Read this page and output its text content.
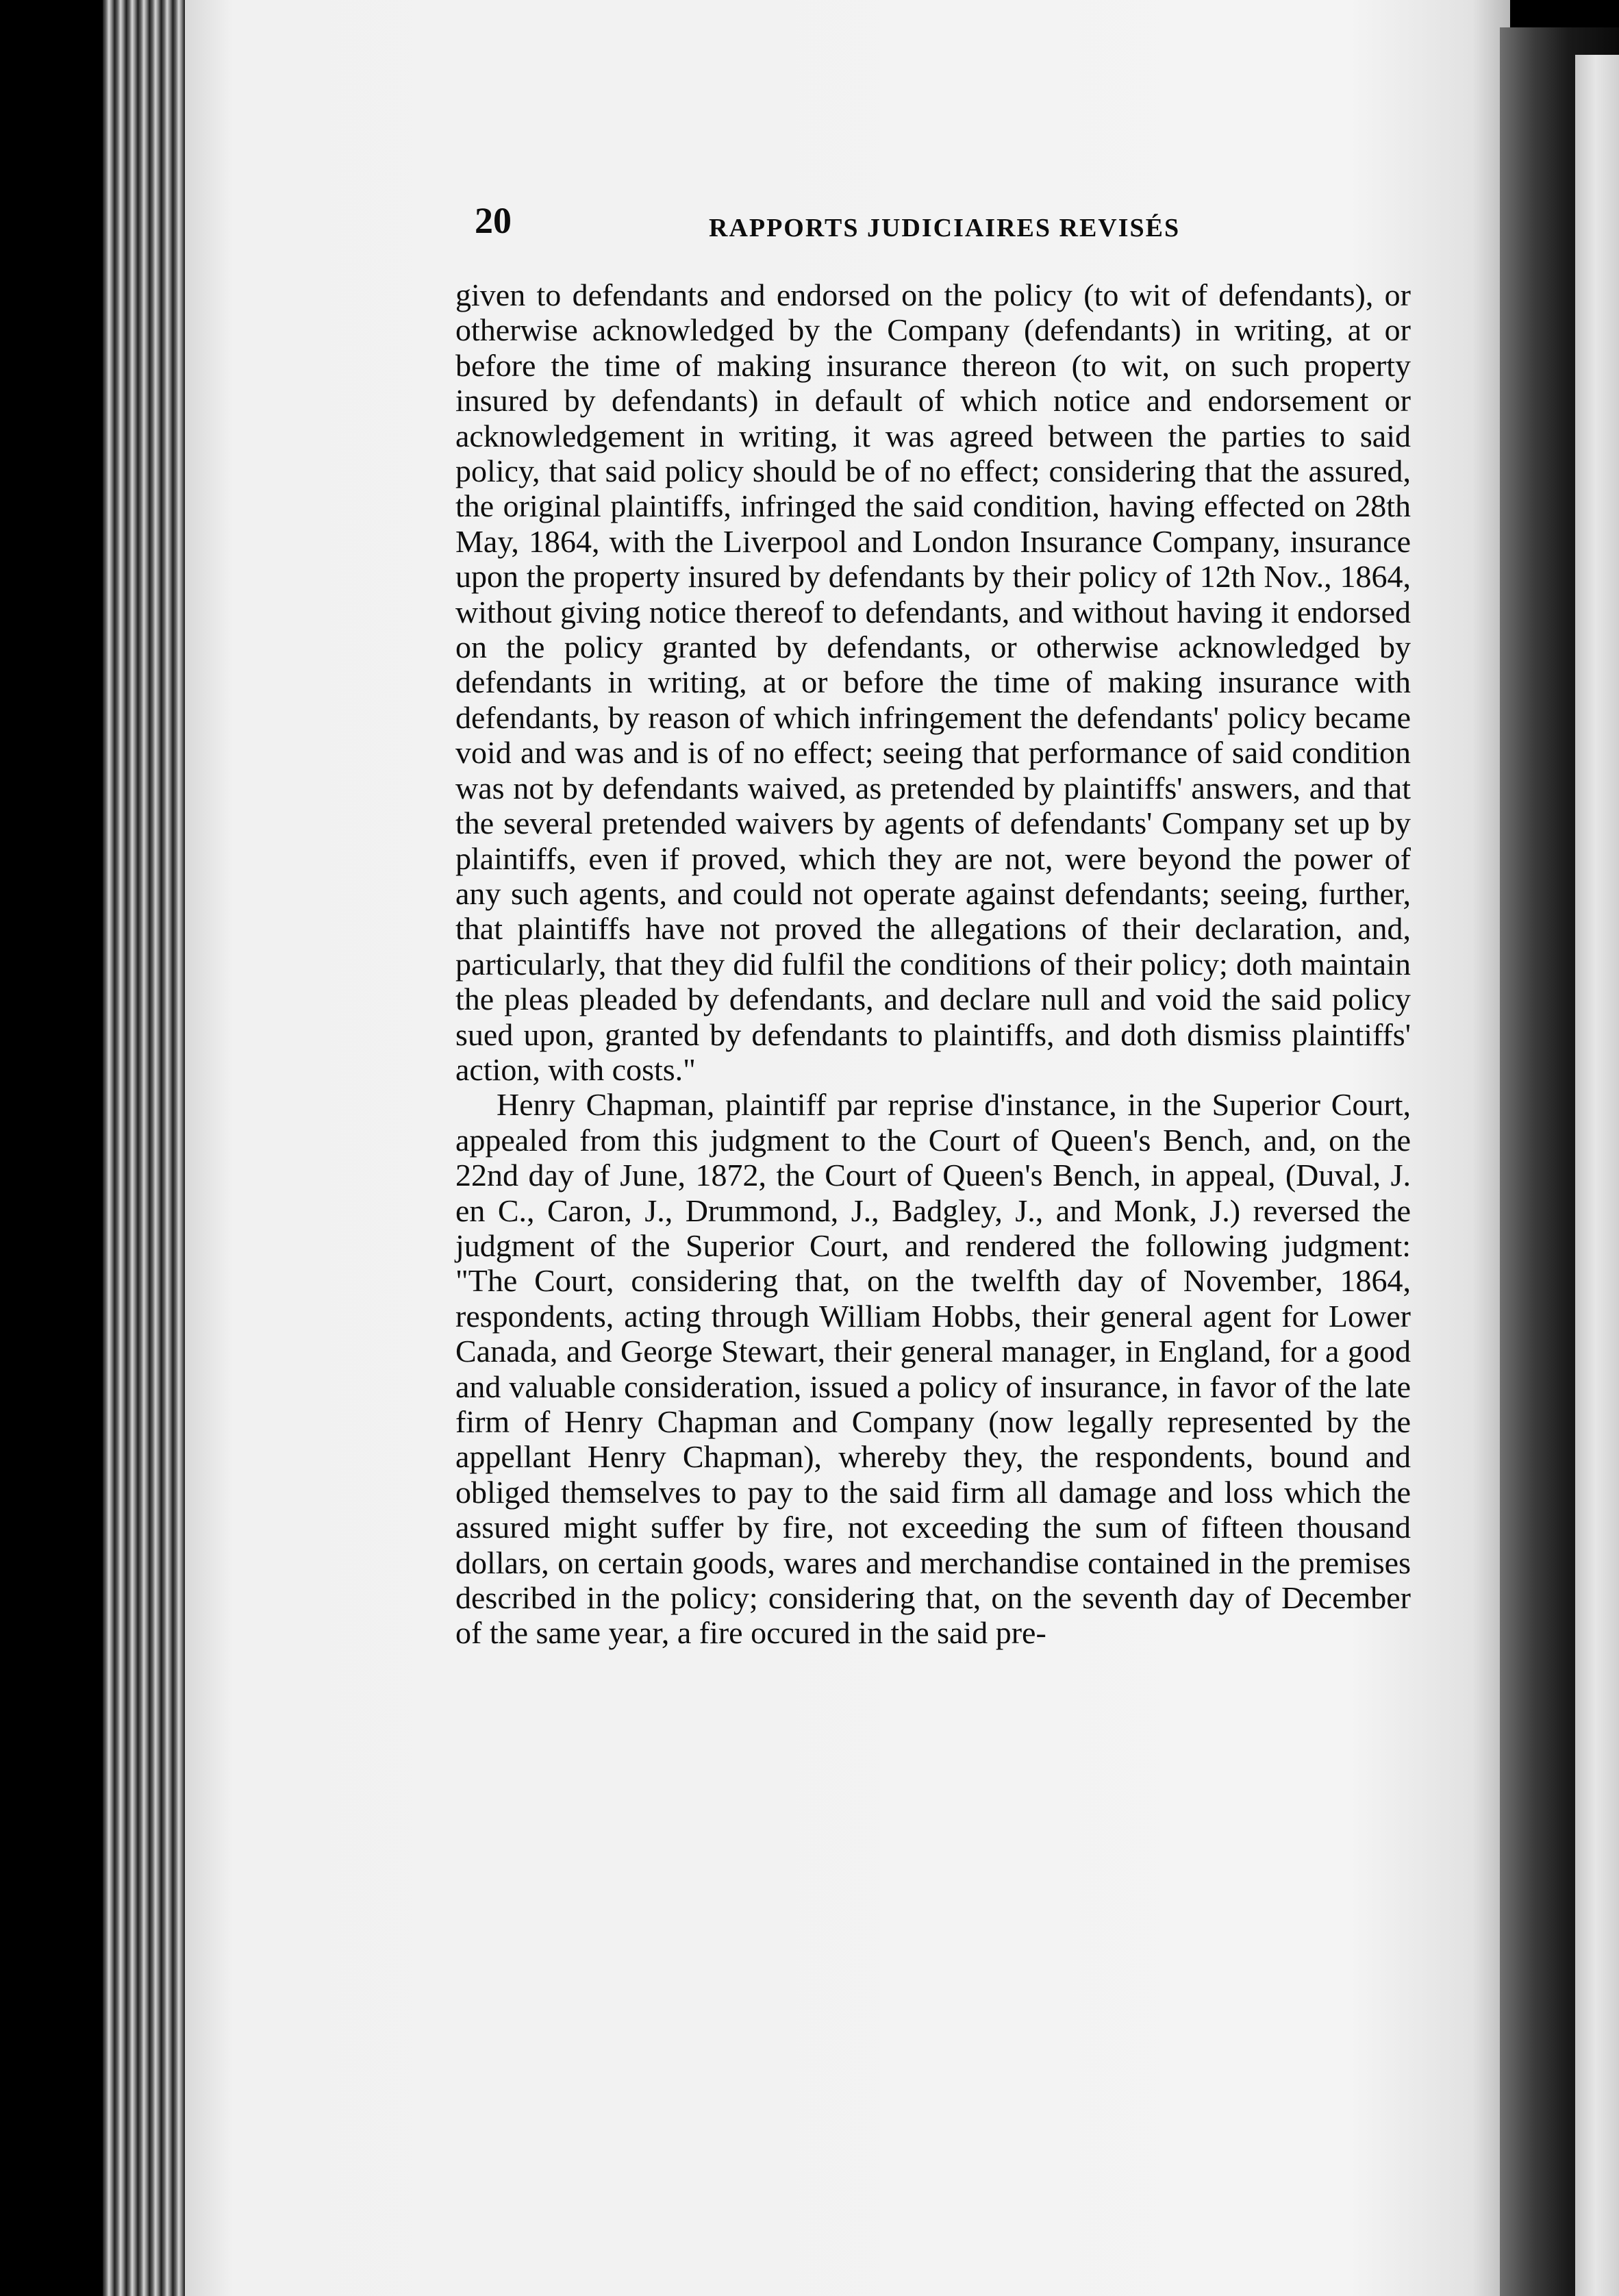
20	RAPPORTS JUDICIAIRES REVISÉS

given to defendants and endorsed on the policy (to wit of defendants), or otherwise acknowledged by the Company (defendants) in writing, at or before the time of making insurance thereon (to wit, on such property insured by defendants) in default of which notice and endorsement or acknowledgement in writing, it was agreed between the parties to said policy, that said policy should be of no effect; considering that the assured, the original plaintiffs, infringed the said condition, having effected on 28th May, 1864, with the Liverpool and London Insurance Company, insurance upon the property insured by defendants by their policy of 12th Nov., 1864, without giving notice thereof to defendants, and without having it endorsed on the policy granted by defendants, or otherwise acknowledged by defendants in writing, at or before the time of making insurance with defendants, by reason of which infringement the defendants' policy became void and was and is of no effect; seeing that performance of said condition was not by defendants waived, as pretended by plaintiffs' answers, and that the several pretended waivers by agents of defendants' Company set up by plaintiffs, even if proved, which they are not, were beyond the power of any such agents, and could not operate against defendants; seeing, further, that plaintiffs have not proved the allegations of their declaration, and, particularly, that they did fulfil the conditions of their policy; doth maintain the pleas pleaded by defendants, and declare null and void the said policy sued upon, granted by defendants to plaintiffs, and doth dismiss plaintiffs' action, with costs."

Henry Chapman, plaintiff par reprise d'instance, in the Superior Court, appealed from this judgment to the Court of Queen's Bench, and, on the 22nd day of June, 1872, the Court of Queen's Bench, in appeal, (Duval, J. en C., Caron, J., Drummond, J., Badgley, J., and Monk, J.) reversed the judgment of the Superior Court, and rendered the following judgment: "The Court, considering that, on the twelfth day of November, 1864, respondents, acting through William Hobbs, their general agent for Lower Canada, and George Stewart, their general manager, in England, for a good and valuable consideration, issued a policy of insurance, in favor of the late firm of Henry Chapman and Company (now legally represented by the appellant Henry Chapman), whereby they, the respondents, bound and obliged themselves to pay to the said firm all damage and loss which the assured might suffer by fire, not exceeding the sum of fifteen thousand dollars, on certain goods, wares and merchandise contained in the premises described in the policy; considering that, on the seventh day of December of the same year, a fire occured in the said pre-
